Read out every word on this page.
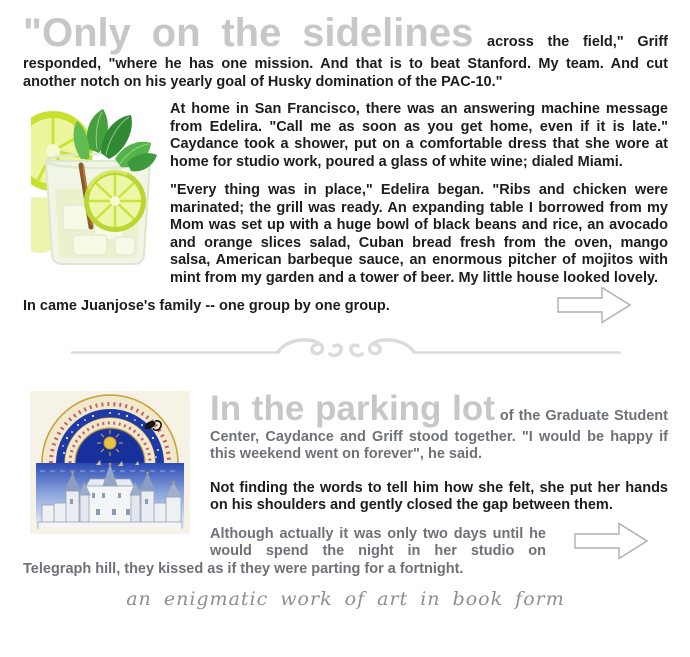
"Only on the sidelines across the field," Griff responded, "where he has one mission. And that is to beat Stanford. My team. And cut another notch on his yearly goal of Husky domination of the PAC-10."

At home in San Francisco, there was an answering machine message from Edelira. "Call me as soon as you get home, even if it is late." Caydance took a shower, put on a comfortable dress that she wore at home for studio work, poured a glass of white wine; dialed Miami.

"Every thing was in place," Edelira began. "Ribs and chicken were marinated; the grill was ready. An expanding table I borrowed from my Mom was set up with a huge bowl of black beans and rice, an avocado and orange slices salad, Cuban bread fresh from the oven, mango salsa, American barbeque sauce, an enormous pitcher of mojitos with mint from my garden and a tower of beer. My little house looked lovely.

In came Juanjose's family -- one group by one group.

In the parking lot of the Graduate Student Center, Caydance and Griff stood together. "I would be happy if this weekend went on forever", he said.

Not finding the words to tell him how she felt, she put her hands on his shoulders and gently closed the gap between them.

Although actually it was only two days until he would spend the night in her studio on Telegraph hill, they kissed as if they were parting for a fortnight.

an enigmatic work of art in book form
